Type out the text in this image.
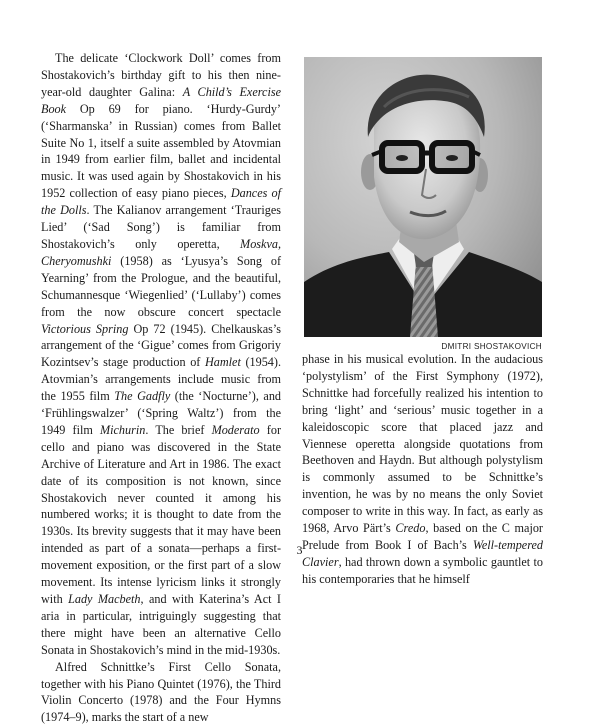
The delicate ‘Clockwork Doll’ comes from Shostakovich’s birthday gift to his then nine-year-old daughter Galina: A Child’s Exercise Book Op 69 for piano. ‘Hurdy-Gurdy’ (‘Sharmanska’ in Russian) comes from Ballet Suite No 1, itself a suite assembled by Atovmian in 1949 from earlier film, ballet and incidental music. It was used again by Shostakovich in his 1952 collection of easy piano pieces, Dances of the Dolls. The Kalianov arrangement ‘Trauriges Lied’ (‘Sad Song’) is familiar from Shostakovich’s only operetta, Moskva, Cheryomushki (1958) as ‘Lyusya’s Song of Yearning’ from the Prologue, and the beautiful, Schumannesque ‘Wiegenlied’ (‘Lullaby’) comes from the now obscure concert spectacle Victorious Spring Op 72 (1945). Chelkauskas’s arrangement of the ‘Gigue’ comes from Grigoriy Kozintsev’s stage production of Hamlet (1954). Atovmian’s arrangements include music from the 1955 film The Gadfly (the ‘Nocturne’), and ‘Frühlingswalzer’ (‘Spring Waltz’) from the 1949 film Michurin. The brief Moderato for cello and piano was discovered in the State Archive of Literature and Art in 1986. The exact date of its composition is not known, since Shostakovich never counted it among his numbered works; it is thought to date from the 1930s. Its brevity suggests that it may have been intended as part of a sonata—perhaps a first-movement exposition, or the first part of a slow movement. Its intense lyricism links it strongly with Lady Macbeth, and with Katerina’s Act I aria in particular, intriguingly suggesting that there might have been an alternative Cello Sonata in Shostakovich’s mind in the mid-1930s.

Alfred Schnittke’s First Cello Sonata, together with his Piano Quintet (1976), the Third Violin Concerto (1978) and the Four Hymns (1974–9), marks the start of a new

DMITRI SHOSTAKOVICH

phase in his musical evolution. In the audacious ‘polystylism’ of the First Symphony (1972), Schnittke had forcefully realized his intention to bring ‘light’ and ‘serious’ music together in a kaleidoscopic score that placed jazz and Viennese operetta alongside quotations from Beethoven and Haydn. But although polystylism is commonly assumed to be Schnittke’s invention, he was by no means the only Soviet composer to write in this way. In fact, as early as 1968, Arvo Pärt’s Credo, based on the C major Prelude from Book I of Bach’s Well-tempered Clavier, had thrown down a symbolic gauntlet to his contemporaries that he himself

3
